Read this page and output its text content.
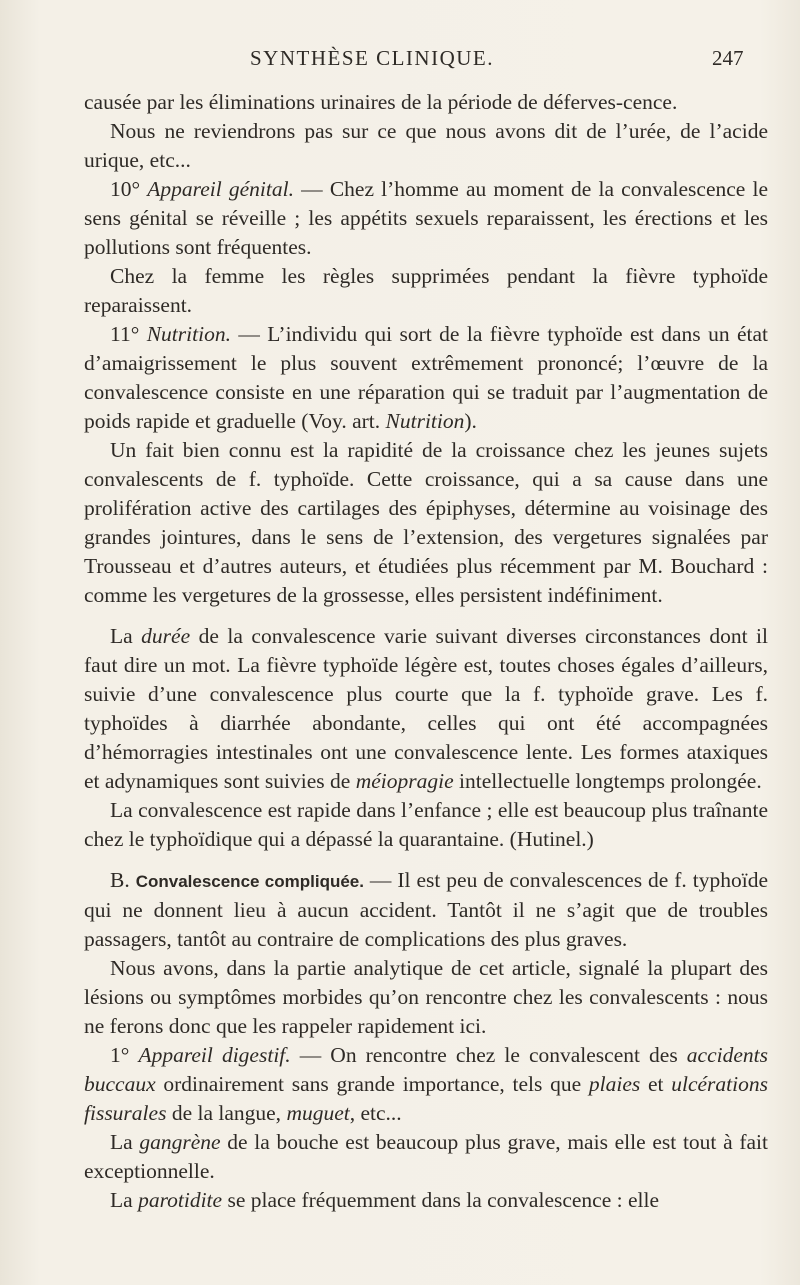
SYNTHÈSE CLINIQUE.	247

causée par les éliminations urinaires de la période de déferves-cence.

Nous ne reviendrons pas sur ce que nous avons dit de l’urée, de l’acide urique, etc...

10° Appareil génital. — Chez l’homme au moment de la convalescence le sens génital se réveille ; les appétits sexuels reparaissent, les érections et les pollutions sont fréquentes.

Chez la femme les règles supprimées pendant la fièvre typhoïde reparaissent.

11° Nutrition. — L’individu qui sort de la fièvre typhoïde est dans un état d’amaigrissement le plus souvent extrêmement prononcé; l’œuvre de la convalescence consiste en une réparation qui se traduit par l’augmentation de poids rapide et graduelle (Voy. art. Nutrition).

Un fait bien connu est la rapidité de la croissance chez les jeunes sujets convalescents de f. typhoïde. Cette croissance, qui a sa cause dans une prolifération active des cartilages des épiphyses, détermine au voisinage des grandes jointures, dans le sens de l’extension, des vergetures signalées par Trousseau et d’autres auteurs, et étudiées plus récemment par M. Bouchard : comme les vergetures de la grossesse, elles persistent indéfiniment.

La durée de la convalescence varie suivant diverses circonstances dont il faut dire un mot. La fièvre typhoïde légère est, toutes choses égales d’ailleurs, suivie d’une convalescence plus courte que la f. typhoïde grave. Les f. typhoïdes à diarrhée abondante, celles qui ont été accompagnées d’hémorragies intestinales ont une convalescence lente. Les formes ataxiques et adynamiques sont suivies de méiopragie intellectuelle longtemps prolongée.

La convalescence est rapide dans l’enfance ; elle est beaucoup plus traînante chez le typhoïdique qui a dépassé la quarantaine. (Hutinel.)

B. Convalescence compliquée. — Il est peu de convalescences de f. typhoïde qui ne donnent lieu à aucun accident. Tantôt il ne s’agit que de troubles passagers, tantôt au contraire de complications des plus graves.

Nous avons, dans la partie analytique de cet article, signalé la plupart des lésions ou symptômes morbides qu’on rencontre chez les convalescents : nous ne ferons donc que les rappeler rapidement ici.

1° Appareil digestif. — On rencontre chez le convalescent des accidents buccaux ordinairement sans grande importance, tels que plaies et ulcérations fissurales de la langue, muguet, etc...

La gangrène de la bouche est beaucoup plus grave, mais elle est tout à fait exceptionnelle.

La parotidite se place fréquemment dans la convalescence : elle
